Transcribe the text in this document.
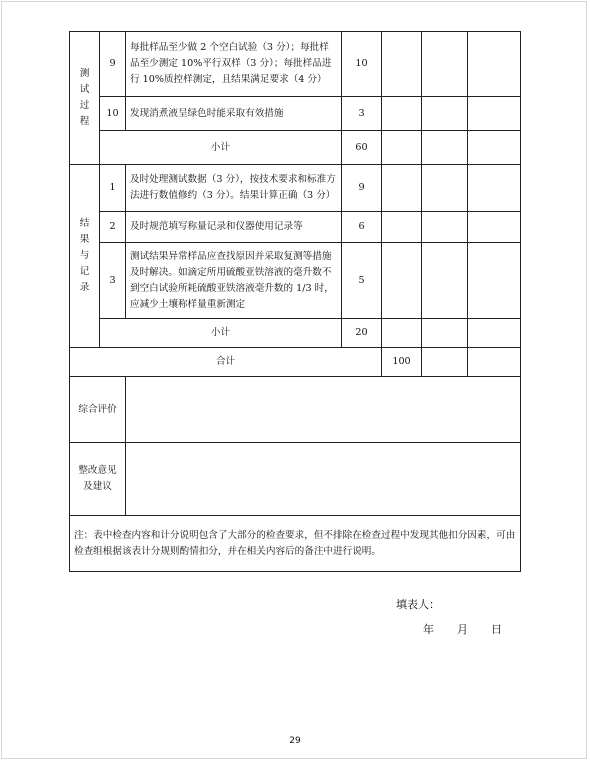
测
试
过
程	9	每批样品至少做 2 个空白试验（3 分）；每批样品至少测定 10%平行双样（3 分）；每批样品进行 10%质控样测定，且结果满足要求（4 分）	10				
	10	发现消煮液呈绿色时能采取有效措施	3				
	小计		60				

结
果
与
记
录	1	及时处理测试数据（3 分），按技术要求和标准方法进行数值修约（3 分）。结果计算正确（3 分）	9				
	2	及时规范填写称量记录和仪器使用记录等	6				
	3	测试结果异常样品应查找原因并采取复测等措施及时解决。如滴定所用硫酸亚铁溶液的毫升数不到空白试验所耗硫酸亚铁溶液毫升数的 1/3 时，应减少土壤称样量重新测定	5				
	小计		20				
合计				100			
综合评价							

整改意见
及建议							

注：表中检查内容和计分说明包含了大部分的检查要求，但不排除在检查过程中发现其他扣分因素，可由检查组根据该表计分规则酌情扣分，并在相关内容后的备注中进行说明。							
填表人：
年 月 日
29
